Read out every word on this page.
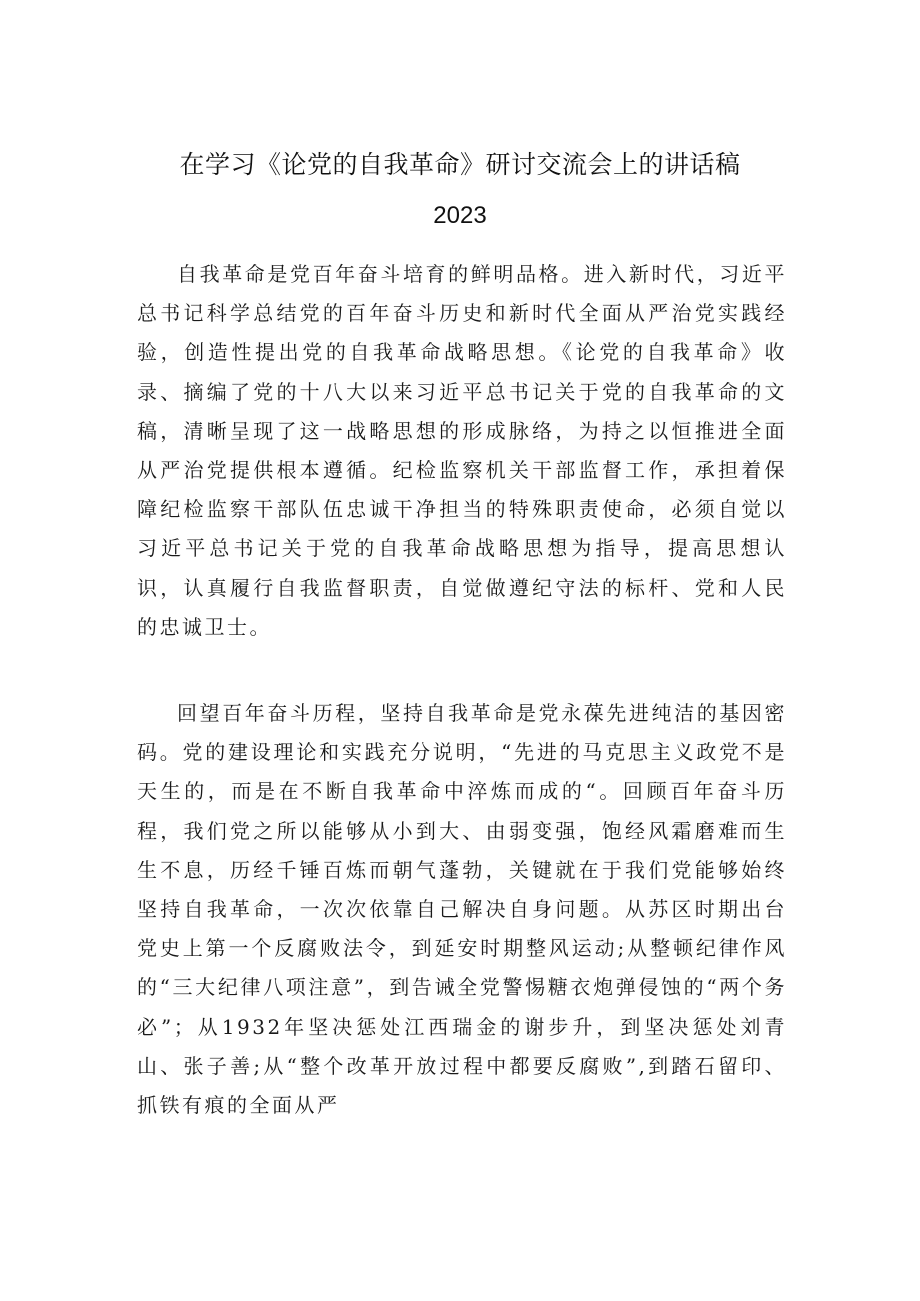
在学习《论党的自我革命》研讨交流会上的讲话稿
2023

自我革命是党百年奋斗培育的鲜明品格。进入新时代，习近平总书记科学总结党的百年奋斗历史和新时代全面从严治党实践经验，创造性提出党的自我革命战略思想。《论党的自我革命》收录、摘编了党的十八大以来习近平总书记关于党的自我革命的文稿，清晰呈现了这一战略思想的形成脉络，为持之以恒推进全面从严治党提供根本遵循。纪检监察机关干部监督工作，承担着保障纪检监察干部队伍忠诚干净担当的特殊职责使命，必须自觉以习近平总书记关于党的自我革命战略思想为指导，提高思想认识，认真履行自我监督职责，自觉做遵纪守法的标杆、党和人民的忠诚卫士。

回望百年奋斗历程，坚持自我革命是党永葆先进纯洁的基因密码。党的建设理论和实践充分说明，“先进的马克思主义政党不是天生的，而是在不断自我革命中淬炼而成的“。回顾百年奋斗历程，我们党之所以能够从小到大、由弱变强，饱经风霜磨难而生生不息，历经千锤百炼而朝气蓬勃，关键就在于我们党能够始终坚持自我革命，一次次依靠自己解决自身问题。从苏区时期出台党史上第一个反腐败法令，到延安时期整风运动;从整顿纪律作风的“三大纪律八项注意”，到告诫全党警惕糖衣炮弹侵蚀的“两个务必”；从1932年坚决惩处江西瑞金的谢步升，到坚决惩处刘青山、张子善;从“整个改革开放过程中都要反腐败”,到踏石留印、抓铁有痕的全面从严
